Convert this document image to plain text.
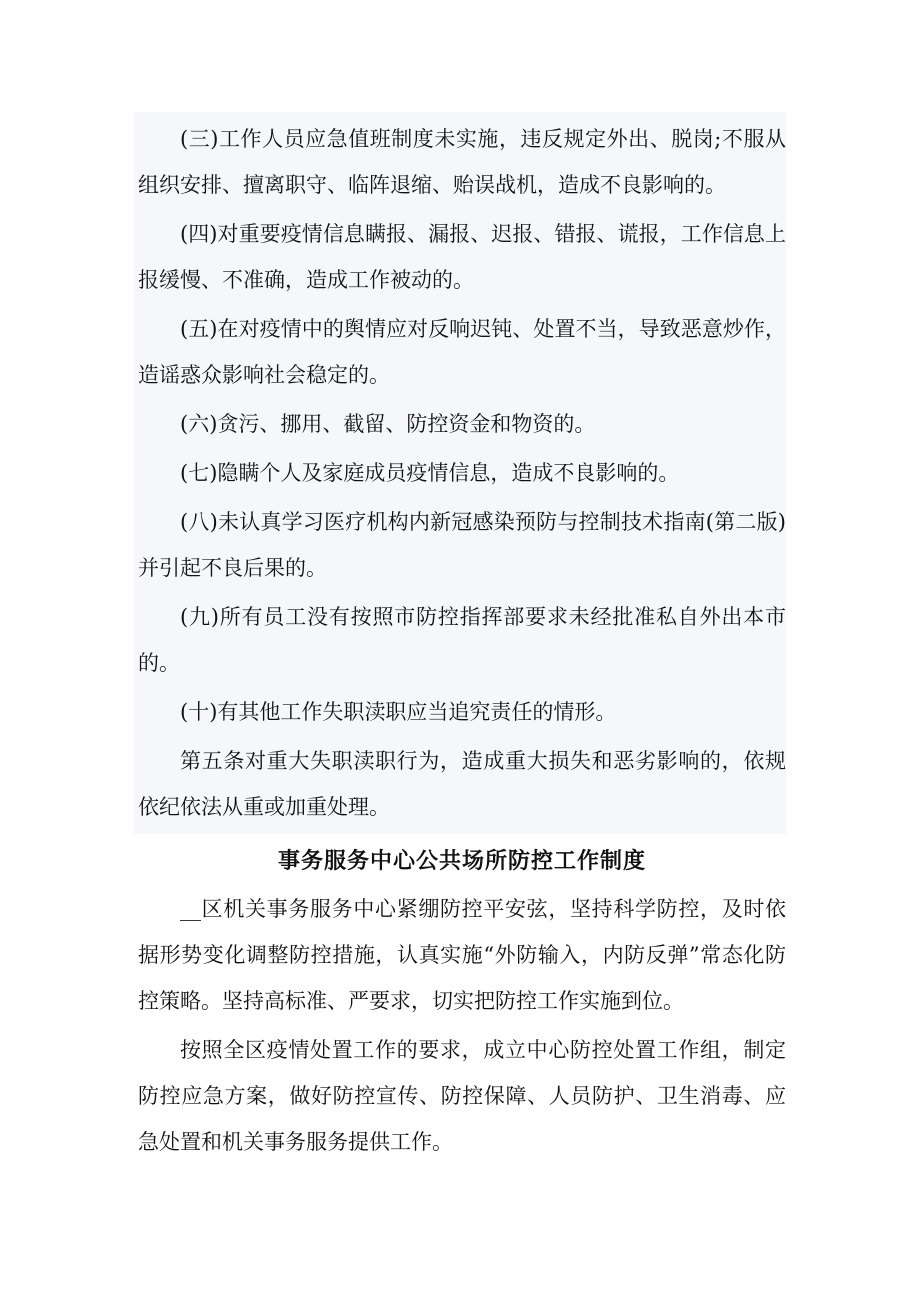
(三)工作人员应急值班制度未实施，违反规定外出、脱岗;不服从组织安排、擅离职守、临阵退缩、贻误战机，造成不良影响的。

(四)对重要疫情信息瞒报、漏报、迟报、错报、谎报，工作信息上报缓慢、不准确，造成工作被动的。

(五)在对疫情中的舆情应对反响迟钝、处置不当，导致恶意炒作，造谣惑众影响社会稳定的。

(六)贪污、挪用、截留、防控资金和物资的。

(七)隐瞒个人及家庭成员疫情信息，造成不良影响的。

(八)未认真学习医疗机构内新冠感染预防与控制技术指南(第二版)并引起不良后果的。

(九)所有员工没有按照市防控指挥部要求未经批准私自外出本市的。

(十)有其他工作失职渎职应当追究责任的情形。

第五条对重大失职渎职行为，造成重大损失和恶劣影响的，依规依纪依法从重或加重处理。

事务服务中心公共场所防控工作制度

__区机关事务服务中心紧绷防控平安弦，坚持科学防控，及时依据形势变化调整防控措施，认真实施“外防输入，内防反弹”常态化防控策略。坚持高标准、严要求，切实把防控工作实施到位。

按照全区疫情处置工作的要求，成立中心防控处置工作组，制定防控应急方案，做好防控宣传、防控保障、人员防护、卫生消毒、应急处置和机关事务服务提供工作。
